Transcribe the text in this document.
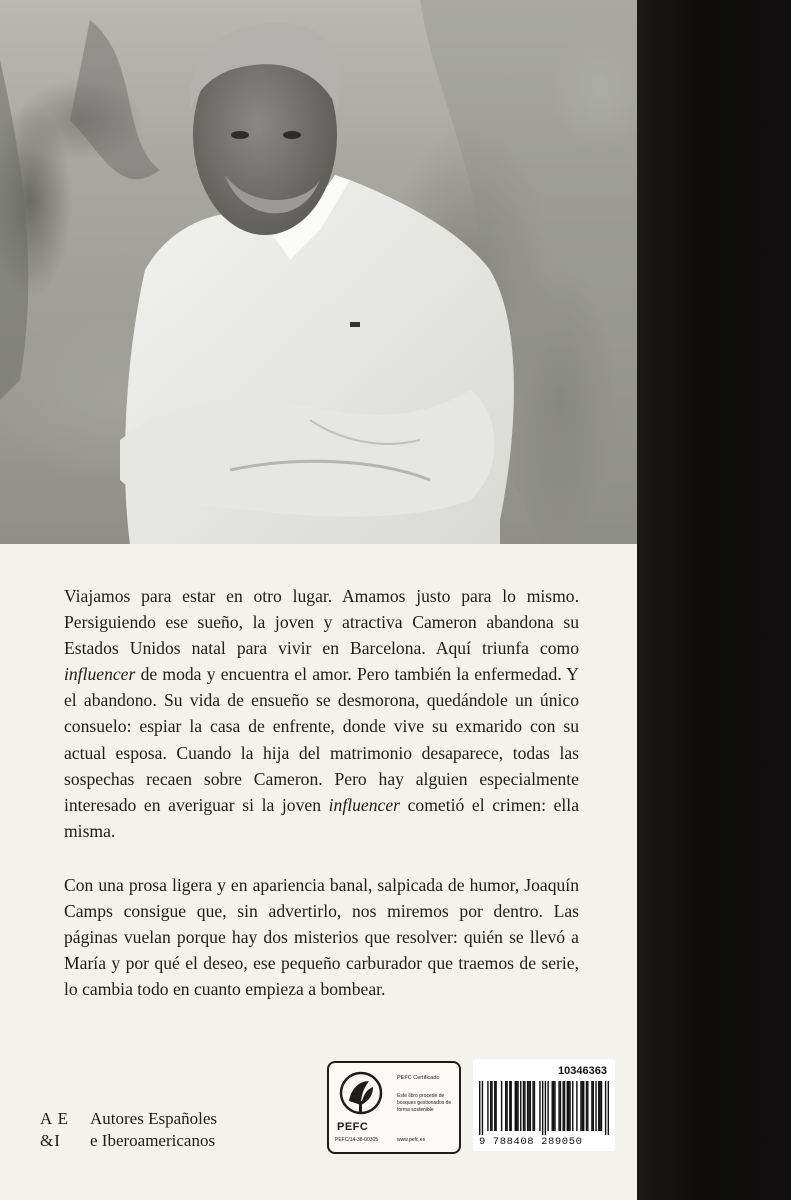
Viajamos para estar en otro lugar. Amamos justo para lo mismo. Persiguiendo ese sueño, la joven y atractiva Cameron abandona su Estados Unidos natal para vivir en Barcelona. Aquí triunfa como influencer de moda y encuentra el amor. Pero también la enfermedad. Y el abandono. Su vida de ensueño se desmorona, quedándole un único consuelo: espiar la casa de enfrente, donde vive su exmarido con su actual esposa. Cuando la hija del matrimonio desaparece, todas las sospechas recaen sobre Cameron. Pero hay alguien especialmente interesado en averiguar si la joven influencer cometió el crimen: ella misma.

Con una prosa ligera y en apariencia banal, salpicada de humor, Joaquín Camps consigue que, sin advertirlo, nos miremos por dentro. Las páginas vuelan porque hay dos misterios que resolver: quién se llevó a María y por qué el deseo, ese pequeño carburador que traemos de serie, lo cambia todo en cuanto empieza a bombear.

A E
&I
Autores Españoles
e Iberoamericanos
PEFC
PEFC/14-38-00305
PEFC Certificado
Este libro procede de bosques gestionados de forma sostenible
www.pefc.es
10346363
9 788408 289050
